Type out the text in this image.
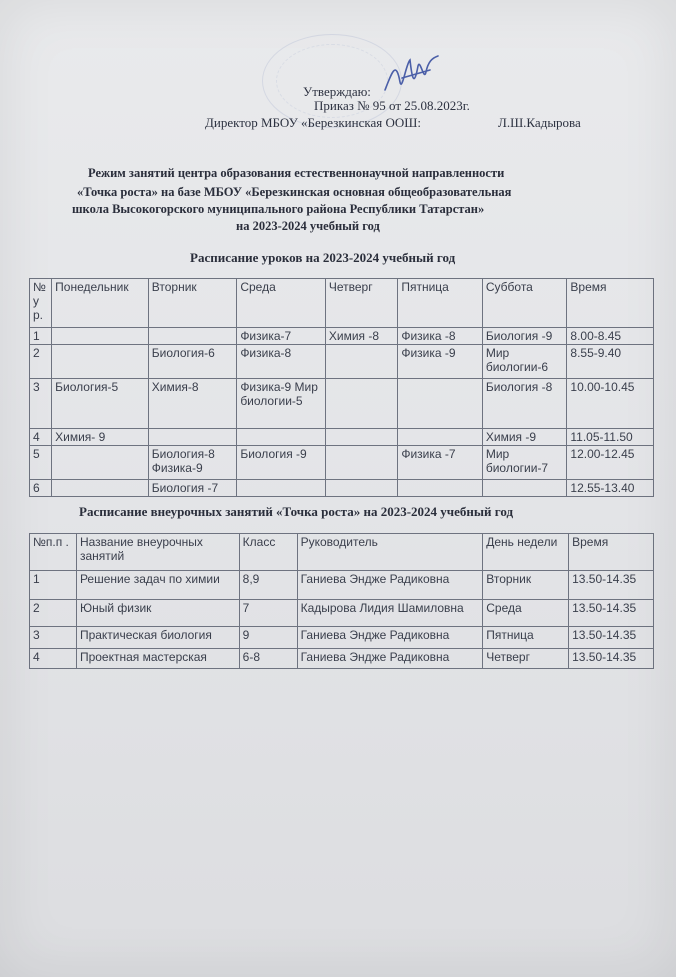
Утверждаю:
Приказ № 95 от 25.08.2023г.
Директор МБОУ «Березкинская ООШ:	Л.Ш.Кадырова
Режим занятий центра образования естественнонаучной направленности
«Точка роста» на базе МБОУ «Березкинская основная общеобразовательная
школа Высокогорского муниципального района Республики Татарстан»
на 2023-2024 учебный год
Расписание уроков на 2023-2024 учебный год
№ у р.	Понедельник	Вторник	Среда	Четверг	Пятница	Суббота	Время
1			Физика-7	Химия -8	Физика -8	Биология -9	8.00-8.45
2		Биология-6	Физика-8		Физика -9	Мир биологии-6	8.55-9.40
3	Биология-5	Химия-8	Физика-9 Мир биологии-5			Биология -8	10.00-10.45
4	Химия- 9					Химия -9	11.05-11.50
5		Биология-8 Физика-9	Биология -9		Физика -7	Мир биологии-7	12.00-12.45
6		Биология -7					12.55-13.40
Расписание внеурочных занятий «Точка роста» на 2023-2024 учебный год
№п.п .	Название внеурочных занятий	Класс	Руководитель	День недели	Время
1	Решение задач по химии	8,9	Ганиева Эндже Радиковна	Вторник	13.50-14.35
2	Юный физик	7	Кадырова Лидия Шамиловна	Среда	13.50-14.35
3	Практическая биология	9	Ганиева Эндже Радиковна	Пятница	13.50-14.35
4	Проектная мастерская	6-8	Ганиева Эндже Радиковна	Четверг	13.50-14.35
